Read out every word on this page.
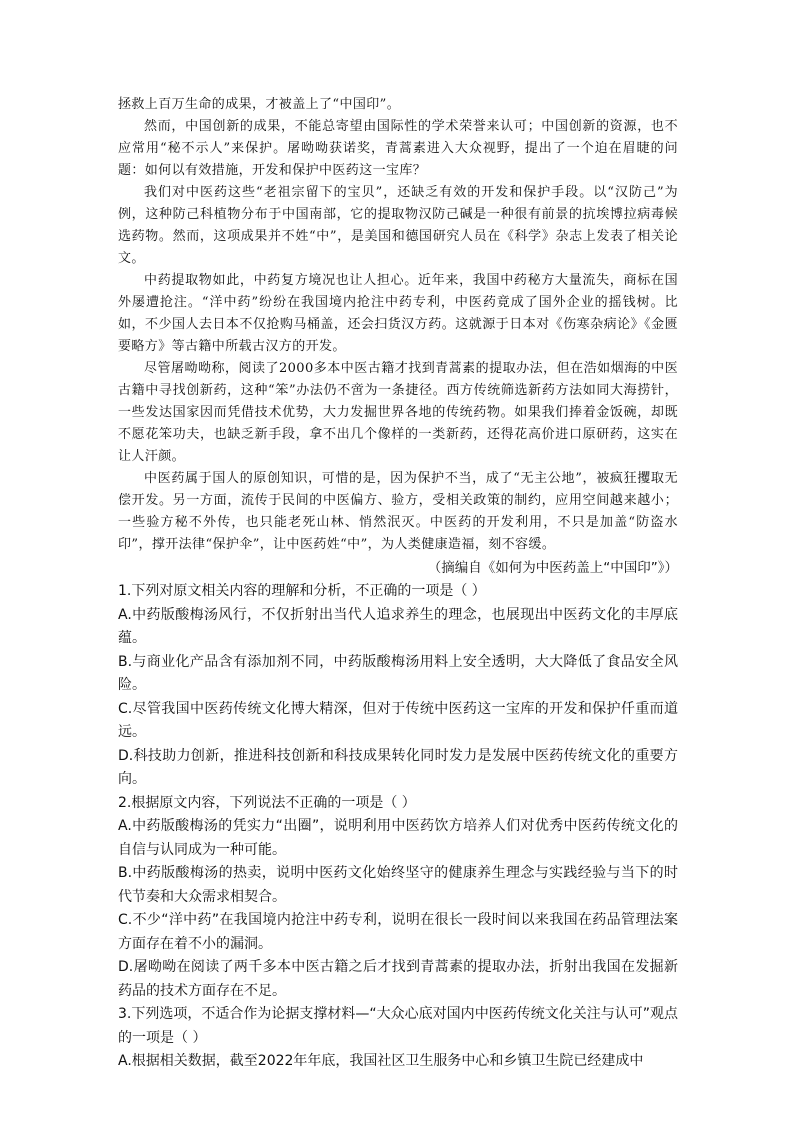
拯救上百万生命的成果，才被盖上了“中国印”。

然而，中国创新的成果，不能总寄望由国际性的学术荣誉来认可；中国创新的资源，也不应常用“秘不示人”来保护。屠呦呦获诺奖，青蒿素进入大众视野，提出了一个迫在眉睫的问题：如何以有效措施，开发和保护中医药这一宝库？

我们对中医药这些“老祖宗留下的宝贝”，还缺乏有效的开发和保护手段。以“汉防己”为例，这种防己科植物分布于中国南部，它的提取物汉防己碱是一种很有前景的抗埃博拉病毒候选药物。然而，这项成果并不姓“中”，是美国和德国研究人员在《科学》杂志上发表了相关论文。

中药提取物如此，中药复方境况也让人担心。近年来，我国中药秘方大量流失，商标在国外屡遭抢注。“洋中药”纷纷在我国境内抢注中药专利，中医药竟成了国外企业的摇钱树。比如，不少国人去日本不仅抢购马桶盖，还会扫货汉方药。这就源于日本对《伤寒杂病论》《金匮要略方》等古籍中所载古汉方的开发。

尽管屠呦呦称，阅读了2000多本中医古籍才找到青蒿素的提取办法，但在浩如烟海的中医古籍中寻找创新药，这种“笨”办法仍不啻为一条捷径。西方传统筛选新药方法如同大海捞针，一些发达国家因而凭借技术优势，大力发掘世界各地的传统药物。如果我们捧着金饭碗，却既不愿花笨功夫，也缺乏新手段，拿不出几个像样的一类新药，还得花高价进口原研药，这实在让人汗颜。

中医药属于国人的原创知识，可惜的是，因为保护不当，成了“无主公地”，被疯狂攫取无偿开发。另一方面，流传于民间的中医偏方、验方，受相关政策的制约，应用空间越来越小；一些验方秘不外传，也只能老死山林、悄然泯灭。中医药的开发利用，不只是加盖“防盗水印”，撑开法律“保护伞”，让中医药姓“中”，为人类健康造福，刻不容缓。

（摘编自《如何为中医药盖上“中国印”》）

1.下列对原文相关内容的理解和分析，不正确的一项是（ ）

A.中药版酸梅汤风行，不仅折射出当代人追求养生的理念，也展现出中医药文化的丰厚底蕴。

B.与商业化产品含有添加剂不同，中药版酸梅汤用料上安全透明，大大降低了食品安全风险。

C.尽管我国中医药传统文化博大精深，但对于传统中医药这一宝库的开发和保护仟重而道远。

D.科技助力创新，推进科技创新和科技成果转化同时发力是发展中医药传统文化的重要方向。

2.根据原文内容，下列说法不正确的一项是（ ）

A.中药版酸梅汤的凭实力“出圈”，说明利用中医药饮方培养人们对优秀中医药传统文化的自信与认同成为一种可能。

B.中药版酸梅汤的热卖，说明中医药文化始终坚守的健康养生理念与实践经验与当下的时代节奏和大众需求相契合。

C.不少“洋中药”在我国境内抢注中药专利，说明在很长一段时间以来我国在药品管理法案方面存在着不小的漏洞。

D.屠呦呦在阅读了两千多本中医古籍之后才找到青蒿素的提取办法，折射出我国在发掘新药品的技术方面存在不足。

3.下列选项，不适合作为论据支撑材料—“大众心底对国内中医药传统文化关注与认可”观点的一项是（ ）

A.根据相关数据，截至2022年年底，我国社区卫生服务中心和乡镇卫生院已经建成中
